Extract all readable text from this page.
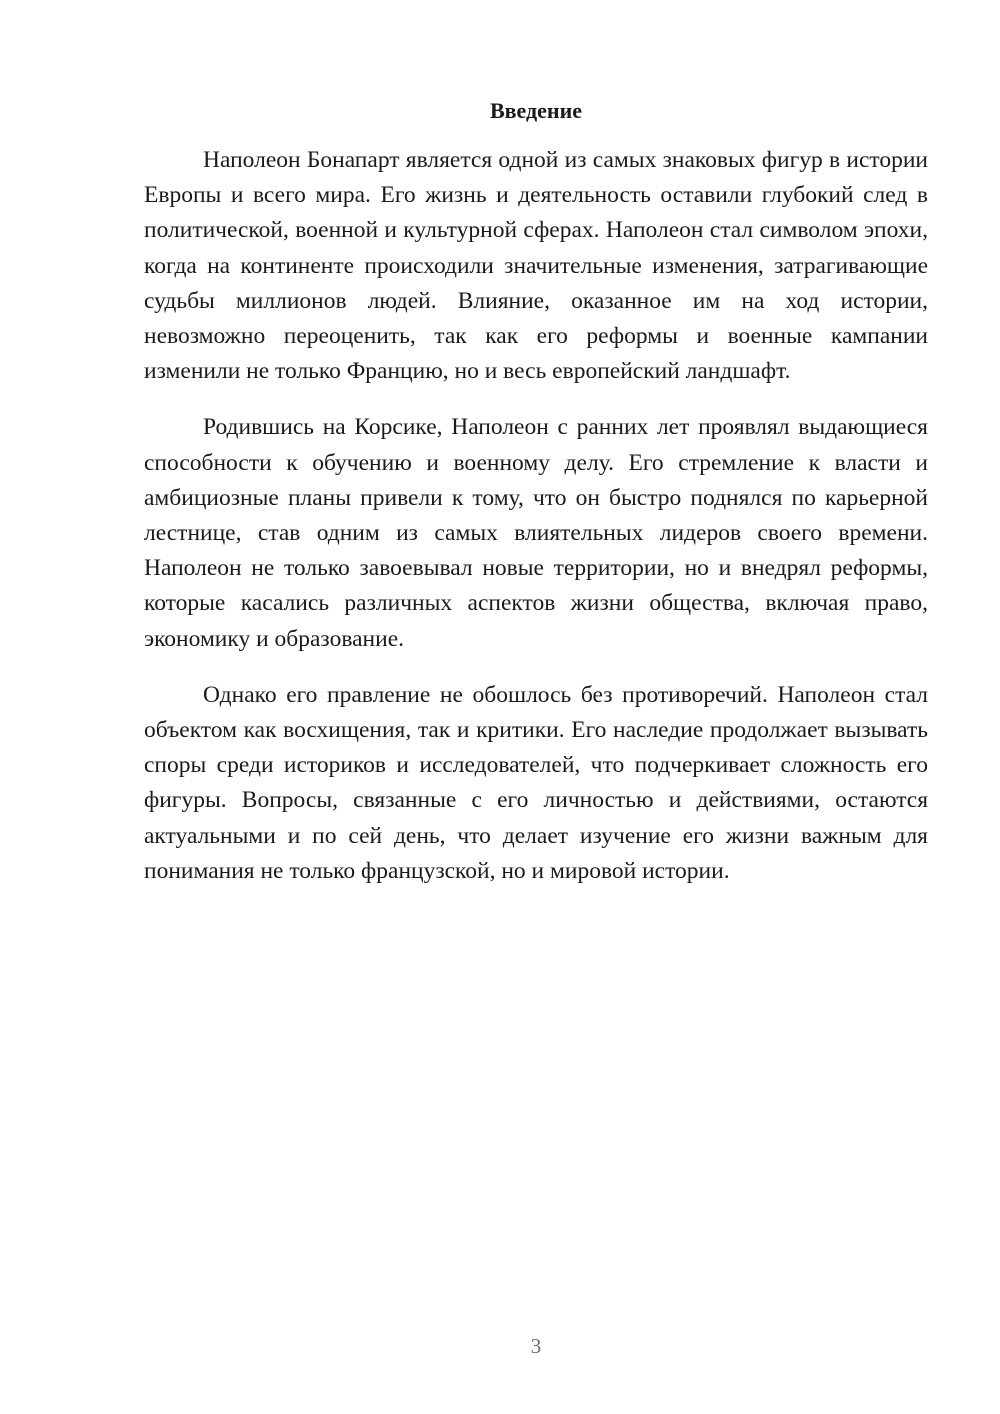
Введение

Наполеон Бонапарт является одной из самых знаковых фигур в истории Европы и всего мира. Его жизнь и деятельность оставили глубокий след в политической, военной и культурной сферах. Наполеон стал символом эпохи, когда на континенте происходили значительные изменения, затрагивающие судьбы миллионов людей. Влияние, оказанное им на ход истории, невозможно переоценить, так как его реформы и военные кампании изменили не только Францию, но и весь европейский ландшафт.

Родившись на Корсике, Наполеон с ранних лет проявлял выдающиеся способности к обучению и военному делу. Его стремление к власти и амбициозные планы привели к тому, что он быстро поднялся по карьерной лестнице, став одним из самых влиятельных лидеров своего времени. Наполеон не только завоевывал новые территории, но и внедрял реформы, которые касались различных аспектов жизни общества, включая право, экономику и образование.

Однако его правление не обошлось без противоречий. Наполеон стал объектом как восхищения, так и критики. Его наследие продолжает вызывать споры среди историков и исследователей, что подчеркивает сложность его фигуры. Вопросы, связанные с его личностью и действиями, остаются актуальными и по сей день, что делает изучение его жизни важным для понимания не только французской, но и мировой истории.

3
